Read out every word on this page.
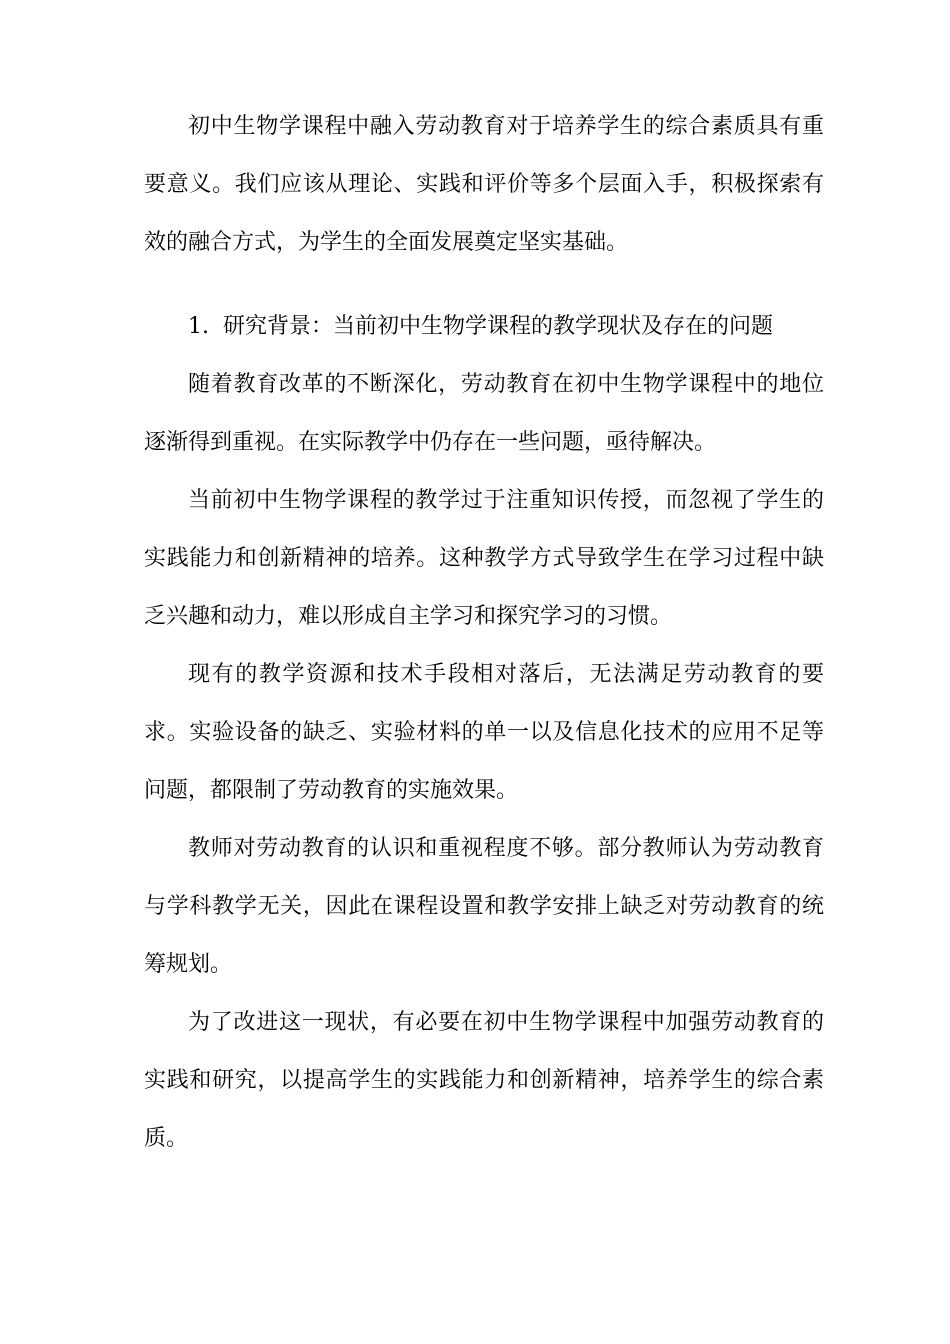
初中生物学课程中融入劳动教育对于培养学生的综合素质具有重要意义。我们应该从理论、实践和评价等多个层面入手，积极探索有效的融合方式，为学生的全面发展奠定坚实基础。

1. 研究背景：当前初中生物学课程的教学现状及存在的问题

随着教育改革的不断深化，劳动教育在初中生物学课程中的地位逐渐得到重视。在实际教学中仍存在一些问题，亟待解决。

当前初中生物学课程的教学过于注重知识传授，而忽视了学生的实践能力和创新精神的培养。这种教学方式导致学生在学习过程中缺乏兴趣和动力，难以形成自主学习和探究学习的习惯。

现有的教学资源和技术手段相对落后，无法满足劳动教育的要求。实验设备的缺乏、实验材料的单一以及信息化技术的应用不足等问题，都限制了劳动教育的实施效果。

教师对劳动教育的认识和重视程度不够。部分教师认为劳动教育与学科教学无关，因此在课程设置和教学安排上缺乏对劳动教育的统筹规划。

为了改进这一现状，有必要在初中生物学课程中加强劳动教育的实践和研究，以提高学生的实践能力和创新精神，培养学生的综合素质。
